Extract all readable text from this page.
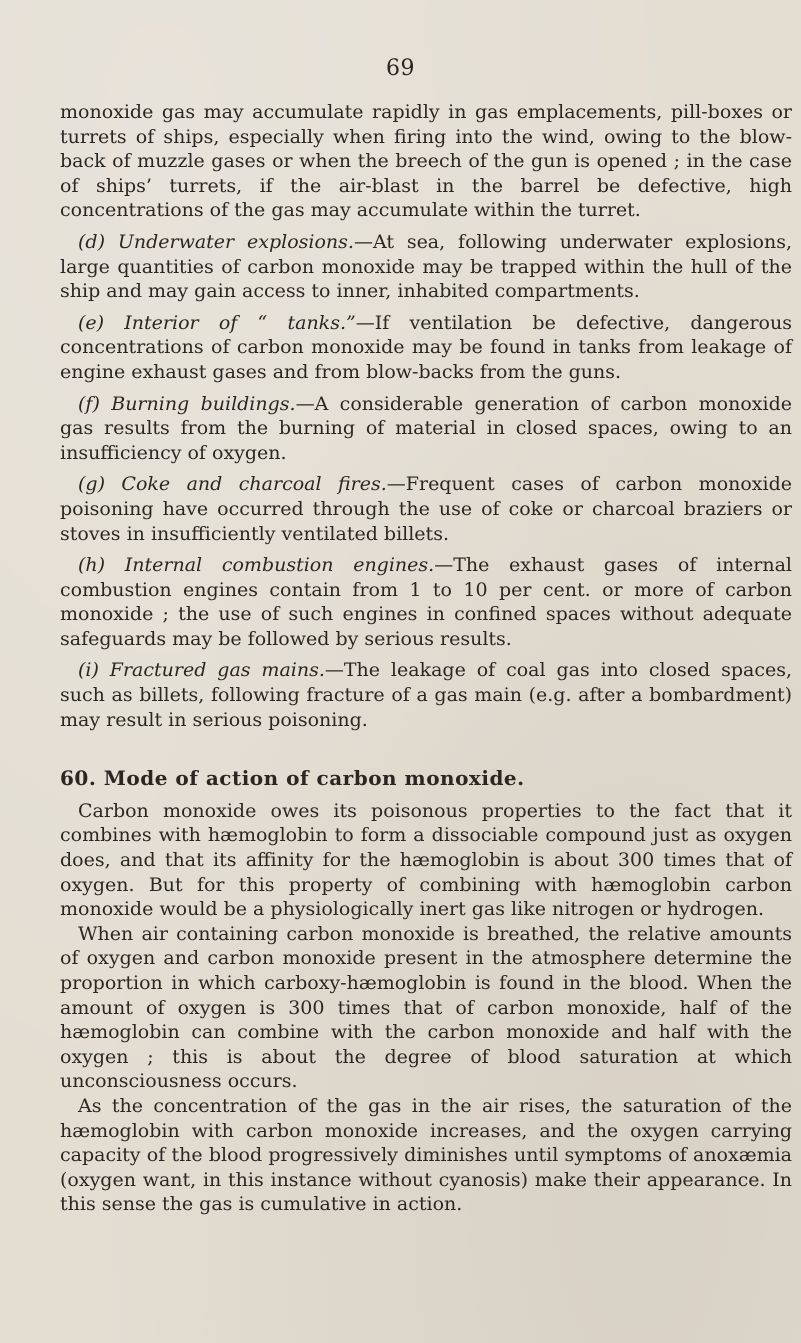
69

monoxide gas may accumulate rapidly in gas emplacements, pill-boxes or turrets of ships, especially when firing into the wind, owing to the blow-back of muzzle gases or when the breech of the gun is opened ; in the case of ships’ turrets, if the air-blast in the barrel be defective, high concentrations of the gas may accumulate within the turret.

(d) Underwater explosions.—At sea, following underwater explosions, large quantities of carbon monoxide may be trapped within the hull of the ship and may gain access to inner, inhabited compartments.

(e) Interior of “ tanks.”—If ventilation be defective, dangerous concentrations of carbon monoxide may be found in tanks from leakage of engine exhaust gases and from blow-backs from the guns.

(f) Burning buildings.—A considerable generation of carbon monoxide gas results from the burning of material in closed spaces, owing to an insufficiency of oxygen.

(g) Coke and charcoal fires.—Frequent cases of carbon monoxide poisoning have occurred through the use of coke or charcoal braziers or stoves in insufficiently ventilated billets.

(h) Internal combustion engines.—The exhaust gases of internal combustion engines contain from 1 to 10 per cent. or more of carbon monoxide ; the use of such engines in confined spaces without adequate safeguards may be followed by serious results.

(i) Fractured gas mains.—The leakage of coal gas into closed spaces, such as billets, following fracture of a gas main (e.g. after a bombardment) may result in serious poisoning.

60. Mode of action of carbon monoxide.

Carbon monoxide owes its poisonous properties to the fact that it combines with hæmoglobin to form a dissociable compound just as oxygen does, and that its affinity for the hæmoglobin is about 300 times that of oxygen. But for this property of combining with hæmoglobin carbon monoxide would be a physiologically inert gas like nitrogen or hydrogen.

When air containing carbon monoxide is breathed, the relative amounts of oxygen and carbon monoxide present in the atmosphere determine the proportion in which carboxy-hæmoglobin is found in the blood. When the amount of oxygen is 300 times that of carbon monoxide, half of the hæmoglobin can combine with the carbon monoxide and half with the oxygen ; this is about the degree of blood saturation at which unconsciousness occurs.

As the concentration of the gas in the air rises, the saturation of the hæmoglobin with carbon monoxide increases, and the oxygen carrying capacity of the blood progressively diminishes until symptoms of anoxæmia (oxygen want, in this instance without cyanosis) make their appearance. In this sense the gas is cumulative in action.
